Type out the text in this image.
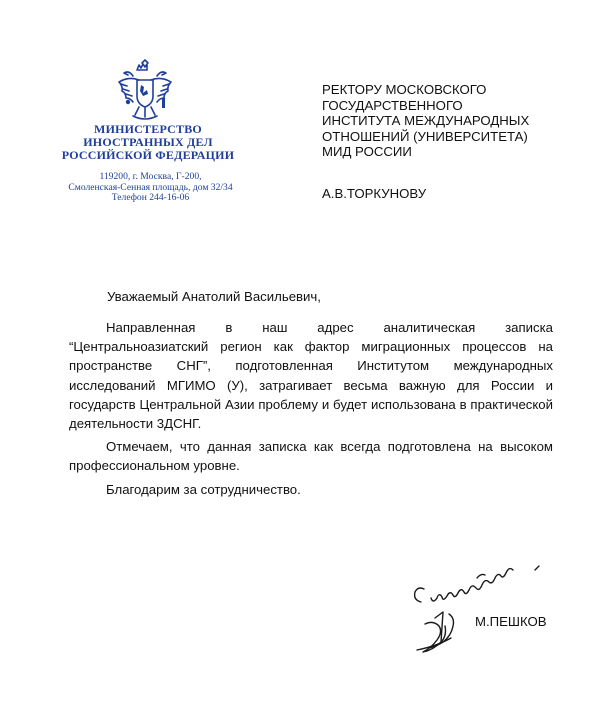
МИНИСТЕРСТВО
ИНОСТРАННЫХ ДЕЛ
РОССИЙСКОЙ ФЕДЕРАЦИИ
119200, г. Москва, Г-200,
Смоленская-Сенная площадь, дом 32/34
Телефон 244-16-06
РЕКТОРУ МОСКОВСКОГО
ГОСУДАРСТВЕННОГО
ИНСТИТУТА МЕЖДУНАРОДНЫХ
ОТНОШЕНИЙ (УНИВЕРСИТЕТА)
МИД РОССИИ
А.В.ТОРКУНОВУ
Уважаемый Анатолий Васильевич,

Направленная в наш адрес аналитическая записка “Центральноазиатский регион как фактор миграционных процессов на пространстве СНГ”, подготовленная Институтом международных исследований МГИМО (У), затрагивает весьма важную для России и государств Центральной Азии проблему и будет использована в практической деятельности 3ДСНГ.

Отмечаем, что данная записка как всегда подготовлена на высоком профессиональном уровне.

Благодарим за сотрудничество.

М.ПЕШКОВ
